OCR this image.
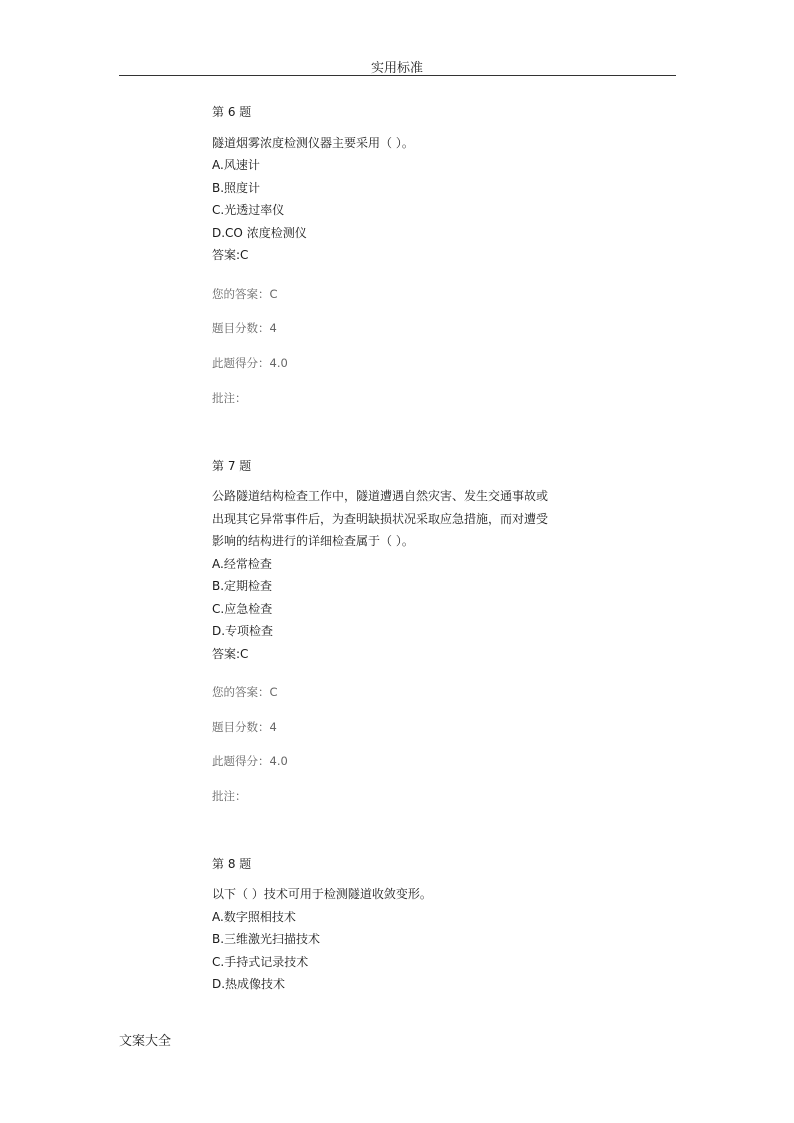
实用标准
第 6 题
隧道烟雾浓度检测仪器主要采用（ ）。
A.风速计
B.照度计
C.光透过率仪
D.CO 浓度检测仪
答案:C
您的答案：C
题目分数：4
此题得分：4.0
批注：
第 7 题
公路隧道结构检查工作中，隧道遭遇自然灾害、发生交通事故或
出现其它异常事件后，为查明缺损状况采取应急措施，而对遭受
影响的结构进行的详细检查属于（ ）。
A.经常检查
B.定期检查
C.应急检查
D.专项检查
答案:C
您的答案：C
题目分数：4
此题得分：4.0
批注：
第 8 题
以下（ ）技术可用于检测隧道收敛变形。
A.数字照相技术
B.三维激光扫描技术
C.手持式记录技术
D.热成像技术
文案大全
